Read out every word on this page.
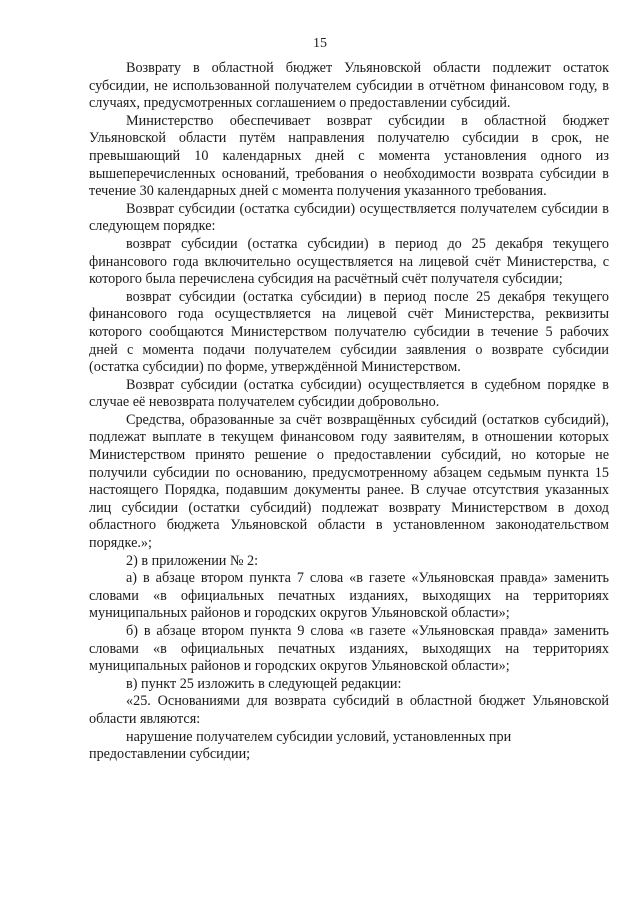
15

Возврату в областной бюджет Ульяновской области подлежит остаток субсидии, не использованной получателем субсидии в отчётном финансовом году, в случаях, предусмотренных соглашением о предоставлении субсидий.

Министерство обеспечивает возврат субсидии в областной бюджет Ульяновской области путём направления получателю субсидии в срок, не превышающий 10 календарных дней с момента установления одного из вышеперечисленных оснований, требования о необходимости возврата субсидии в течение 30 календарных дней с момента получения указанного требования.

Возврат субсидии (остатка субсидии) осуществляется получателем субсидии в следующем порядке:

возврат субсидии (остатка субсидии) в период до 25 декабря текущего финансового года включительно осуществляется на лицевой счёт Министерства, с которого была перечислена субсидия на расчётный счёт получателя субсидии;

возврат субсидии (остатка субсидии) в период после 25 декабря текущего финансового года осуществляется на лицевой счёт Министерства, реквизиты которого сообщаются Министерством получателю субсидии в течение 5 рабочих дней с момента подачи получателем субсидии заявления о возврате субсидии (остатка субсидии) по форме, утверждённой Министерством.

Возврат субсидии (остатка субсидии) осуществляется в судебном порядке в случае её невозврата получателем субсидии добровольно.

Средства, образованные за счёт возвращённых субсидий (остатков субсидий), подлежат выплате в текущем финансовом году заявителям, в отношении которых Министерством принято решение о предоставлении субсидий, но которые не получили субсидии по основанию, предусмотренному абзацем седьмым пункта 15 настоящего Порядка, подавшим документы ранее. В случае отсутствия указанных лиц субсидии (остатки субсидий) подлежат возврату Министерством в доход областного бюджета Ульяновской области в установленном законодательством порядке.»;

2) в приложении № 2:

а) в абзаце втором пункта 7 слова «в газете «Ульяновская правда» заменить словами «в официальных печатных изданиях, выходящих на территориях муниципальных районов и городских округов Ульяновской области»;

б) в абзаце втором пункта 9 слова «в газете «Ульяновская правда» заменить словами «в официальных печатных изданиях, выходящих на территориях муниципальных районов и городских округов Ульяновской области»;

в) пункт 25 изложить в следующей редакции:

«25. Основаниями для возврата субсидий в областной бюджет Ульяновской области являются:

нарушение получателем субсидии условий, установленных при предоставлении субсидии;
